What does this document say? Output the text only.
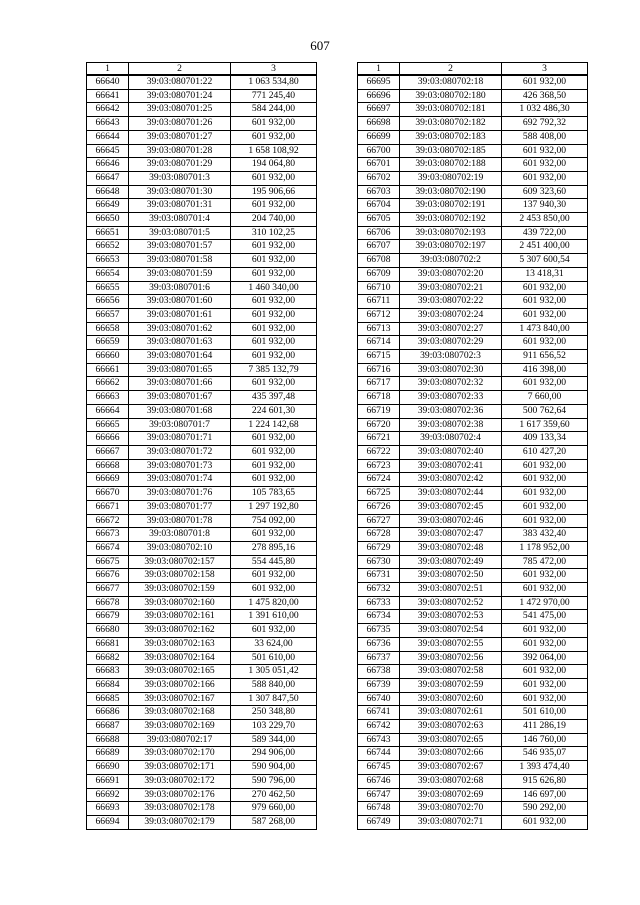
607
1	2	3
66640	39:03:080701:22	1 063 534,80
66641	39:03:080701:24	771 245,40
66642	39:03:080701:25	584 244,00
66643	39:03:080701:26	601 932,00
66644	39:03:080701:27	601 932,00
66645	39:03:080701:28	1 658 108,92
66646	39:03:080701:29	194 064,80
66647	39:03:080701:3	601 932,00
66648	39:03:080701:30	195 906,66
66649	39:03:080701:31	601 932,00
66650	39:03:080701:4	204 740,00
66651	39:03:080701:5	310 102,25
66652	39:03:080701:57	601 932,00
66653	39:03:080701:58	601 932,00
66654	39:03:080701:59	601 932,00
66655	39:03:080701:6	1 460 340,00
66656	39:03:080701:60	601 932,00
66657	39:03:080701:61	601 932,00
66658	39:03:080701:62	601 932,00
66659	39:03:080701:63	601 932,00
66660	39:03:080701:64	601 932,00
66661	39:03:080701:65	7 385 132,79
66662	39:03:080701:66	601 932,00
66663	39:03:080701:67	435 397,48
66664	39:03:080701:68	224 601,30
66665	39:03:080701:7	1 224 142,68
66666	39:03:080701:71	601 932,00
66667	39:03:080701:72	601 932,00
66668	39:03:080701:73	601 932,00
66669	39:03:080701:74	601 932,00
66670	39:03:080701:76	105 783,65
66671	39:03:080701:77	1 297 192,80
66672	39:03:080701:78	754 092,00
66673	39:03:080701:8	601 932,00
66674	39:03:080702:10	278 895,16
66675	39:03:080702:157	554 445,80
66676	39:03:080702:158	601 932,00
66677	39:03:080702:159	601 932,00
66678	39:03:080702:160	1 475 820,00
66679	39:03:080702:161	1 391 610,00
66680	39:03:080702:162	601 932,00
66681	39:03:080702:163	33 624,00
66682	39:03:080702:164	501 610,00
66683	39:03:080702:165	1 305 051,42
66684	39:03:080702:166	588 840,00
66685	39:03:080702:167	1 307 847,50
66686	39:03:080702:168	250 348,80
66687	39:03:080702:169	103 229,70
66688	39:03:080702:17	589 344,00
66689	39:03:080702:170	294 906,00
66690	39:03:080702:171	590 904,00
66691	39:03:080702:172	590 796,00
66692	39:03:080702:176	270 462,50
66693	39:03:080702:178	979 660,00
66694	39:03:080702:179	587 268,00
1	2	3
66695	39:03:080702:18	601 932,00
66696	39:03:080702:180	426 368,50
66697	39:03:080702:181	1 032 486,30
66698	39:03:080702:182	692 792,32
66699	39:03:080702:183	588 408,00
66700	39:03:080702:185	601 932,00
66701	39:03:080702:188	601 932,00
66702	39:03:080702:19	601 932,00
66703	39:03:080702:190	609 323,60
66704	39:03:080702:191	137 940,30
66705	39:03:080702:192	2 453 850,00
66706	39:03:080702:193	439 722,00
66707	39:03:080702:197	2 451 400,00
66708	39:03:080702:2	5 307 600,54
66709	39:03:080702:20	13 418,31
66710	39:03:080702:21	601 932,00
66711	39:03:080702:22	601 932,00
66712	39:03:080702:24	601 932,00
66713	39:03:080702:27	1 473 840,00
66714	39:03:080702:29	601 932,00
66715	39:03:080702:3	911 656,52
66716	39:03:080702:30	416 398,00
66717	39:03:080702:32	601 932,00
66718	39:03:080702:33	7 660,00
66719	39:03:080702:36	500 762,64
66720	39:03:080702:38	1 617 359,60
66721	39:03:080702:4	409 133,34
66722	39:03:080702:40	610 427,20
66723	39:03:080702:41	601 932,00
66724	39:03:080702:42	601 932,00
66725	39:03:080702:44	601 932,00
66726	39:03:080702:45	601 932,00
66727	39:03:080702:46	601 932,00
66728	39:03:080702:47	383 432,40
66729	39:03:080702:48	1 178 952,00
66730	39:03:080702:49	785 472,00
66731	39:03:080702:50	601 932,00
66732	39:03:080702:51	601 932,00
66733	39:03:080702:52	1 472 970,00
66734	39:03:080702:53	541 475,00
66735	39:03:080702:54	601 932,00
66736	39:03:080702:55	601 932,00
66737	39:03:080702:56	392 064,00
66738	39:03:080702:58	601 932,00
66739	39:03:080702:59	601 932,00
66740	39:03:080702:60	601 932,00
66741	39:03:080702:61	501 610,00
66742	39:03:080702:63	411 286,19
66743	39:03:080702:65	146 760,00
66744	39:03:080702:66	546 935,07
66745	39:03:080702:67	1 393 474,40
66746	39:03:080702:68	915 626,80
66747	39:03:080702:69	146 697,00
66748	39:03:080702:70	590 292,00
66749	39:03:080702:71	601 932,00
